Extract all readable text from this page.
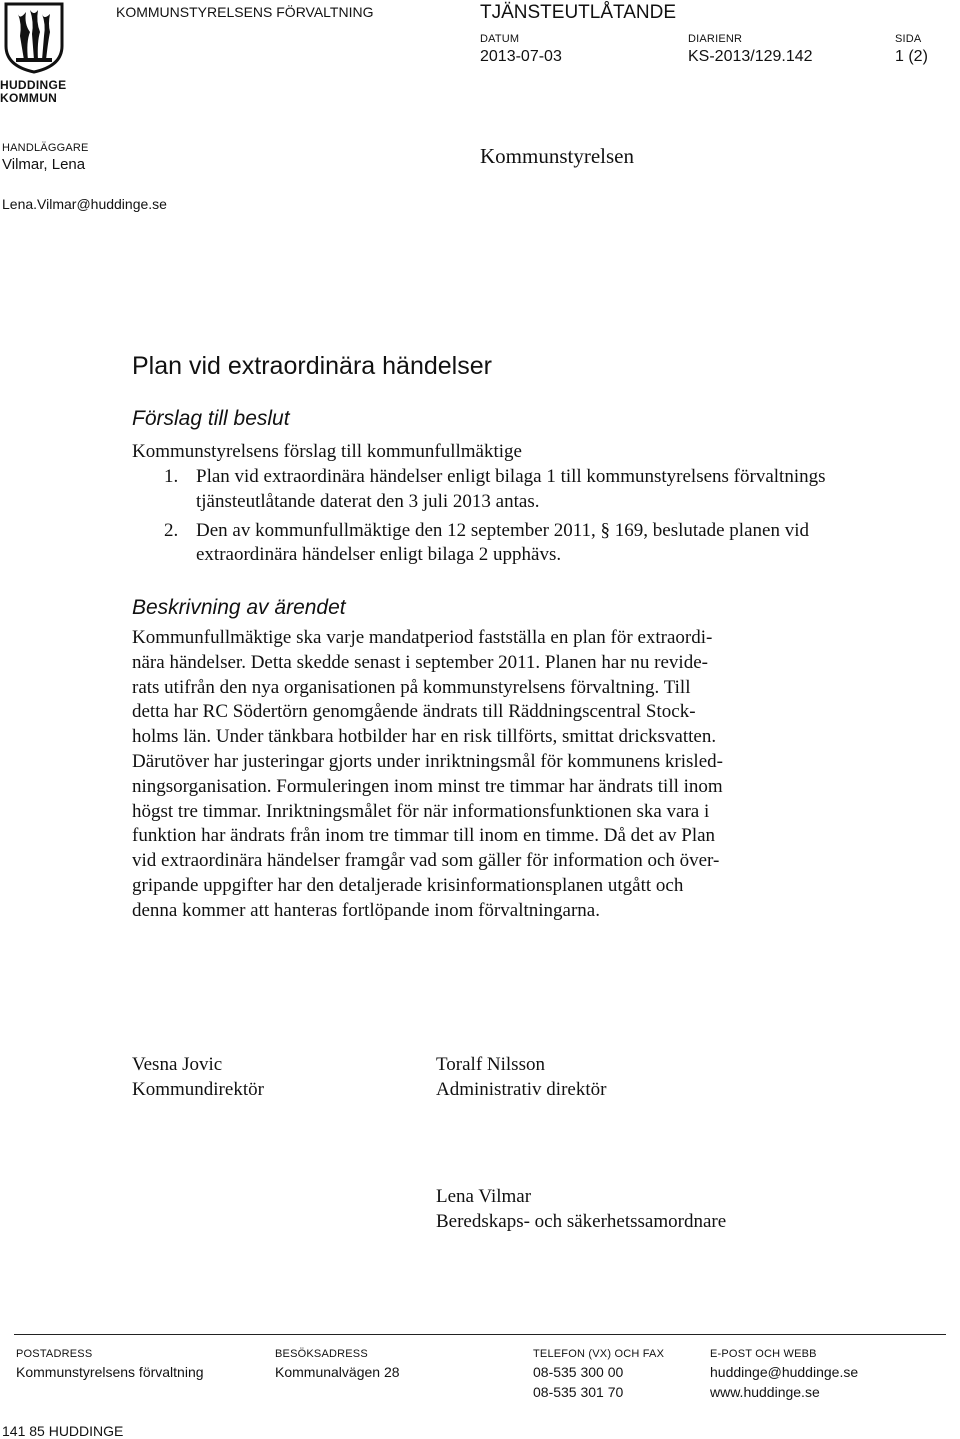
HUDDINGE
KOMMUN
KOMMUNSTYRELSENS FÖRVALTNING	TJÄNSTEUTLÅTANDE
DATUM
2013-07-03
DIARIENR
KS-2013/129.142
SIDA
1 (2)
HANDLÄGGARE
Vilmar, Lena
Lena.Vilmar@huddinge.se
Kommunstyrelsen
Plan vid extraordinära händelser
Förslag till beslut
Kommunstyrelsens förslag till kommunfullmäktige
1. Plan vid extraordinära händelser enligt bilaga 1 till kommunstyrelsens förvaltnings tjänsteutlåtande daterat den 3 juli 2013 antas.
2. Den av kommunfullmäktige den 12 september 2011, § 169, beslutade planen vid extraordinära händelser enligt bilaga 2 upphävs.
Beskrivning av ärendet
Kommunfullmäktige ska varje mandatperiod fastställa en plan för extraordi-
nära händelser. Detta skedde senast i september 2011. Planen har nu revide-
rats utifrån den nya organisationen på kommunstyrelsens förvaltning. Till
detta har RC Södertörn genomgående ändrats till Räddningscentral Stock-
holms län. Under tänkbara hotbilder har en risk tillförts, smittat dricksvatten.
Därutöver har justeringar gjorts under inriktningsmål för kommunens krisled-
ningsorganisation. Formuleringen inom minst tre timmar har ändrats till inom
högst tre timmar. Inriktningsmålet för när informationsfunktionen ska vara i
funktion har ändrats från inom tre timmar till inom en timme. Då det av Plan
vid extraordinära händelser framgår vad som gäller för information och över-
gripande uppgifter har den detaljerade krisinformationsplanen utgått och
denna kommer att hanteras fortlöpande inom förvaltningarna.
Vesna Jovic
Kommundirektör
Toralf Nilsson
Administrativ direktör
Lena Vilmar
Beredskaps- och säkerhetssamordnare
POSTADRESS
Kommunstyrelsens förvaltning
141 85 HUDDINGE
BESÖKSADRESS
Kommunalvägen 28
TELEFON (VX) OCH FAX
08-535 300 00
08-535 301 70
E-POST OCH WEBB
huddinge@huddinge.se
www.huddinge.se
